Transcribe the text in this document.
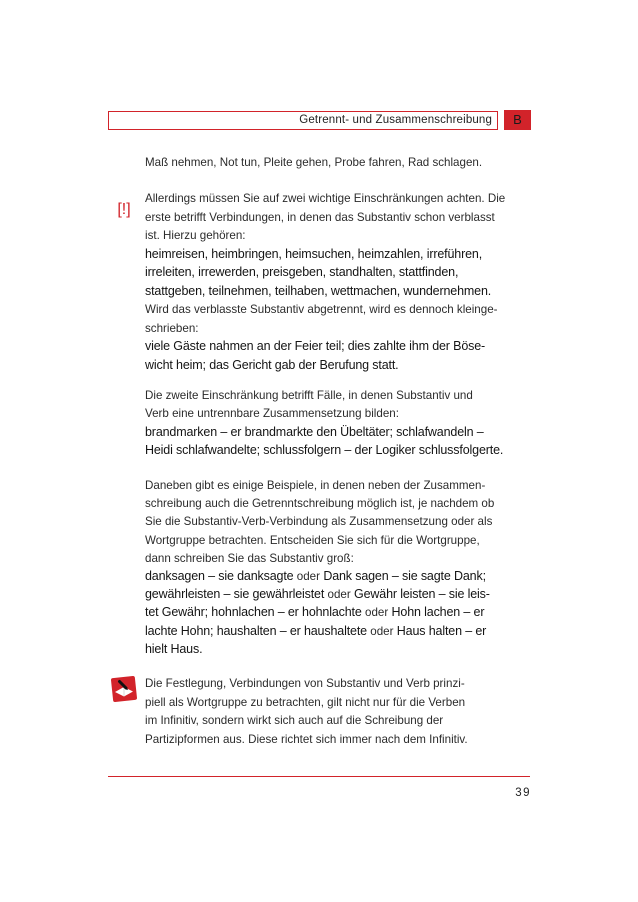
Getrennt- und Zusammenschreibung	B
Maß nehmen, Not tun, Pleite gehen, Probe fahren, Rad schlagen.
[!]
Allerdings müssen Sie auf zwei wichtige Einschränkungen achten. Die
erste betrifft Verbindungen, in denen das Substantiv schon verblasst
ist. Hierzu gehören:
heimreisen, heimbringen, heimsuchen, heimzahlen, irreführen,
irreleiten, irrewerden, preisgeben, standhalten, stattfinden,
stattgeben, teilnehmen, teilhaben, wettmachen, wundernehmen.
Wird das verblasste Substantiv abgetrennt, wird es dennoch kleinge-
schrieben:
viele Gäste nahmen an der Feier teil; dies zahlte ihm der Böse-
wicht heim; das Gericht gab der Berufung statt.
Die zweite Einschränkung betrifft Fälle, in denen Substantiv und
Verb eine untrennbare Zusammensetzung bilden:
brandmarken – er brandmarkte den Übeltäter; schlafwandeln –
Heidi schlafwandelte; schlussfolgern – der Logiker schlussfolgerte.
Daneben gibt es einige Beispiele, in denen neben der Zusammen-
schreibung auch die Getrenntschreibung möglich ist, je nachdem ob
Sie die Substantiv-Verb-Verbindung als Zusammensetzung oder als
Wortgruppe betrachten. Entscheiden Sie sich für die Wortgruppe,
dann schreiben Sie das Substantiv groß:
danksagen – sie danksagte oder Dank sagen – sie sagte Dank;
gewährleisten – sie gewährleistet oder Gewähr leisten – sie leis-
tet Gewähr; hohnlachen – er hohnlachte oder Hohn lachen – er
lachte Hohn; haushalten – er haushaltete oder Haus halten – er
hielt Haus.
Die Festlegung, Verbindungen von Substantiv und Verb prinzi-
piell als Wortgruppe zu betrachten, gilt nicht nur für die Verben
im Infinitiv, sondern wirkt sich auch auf die Schreibung der
Partizipformen aus. Diese richtet sich immer nach dem Infinitiv.
39
